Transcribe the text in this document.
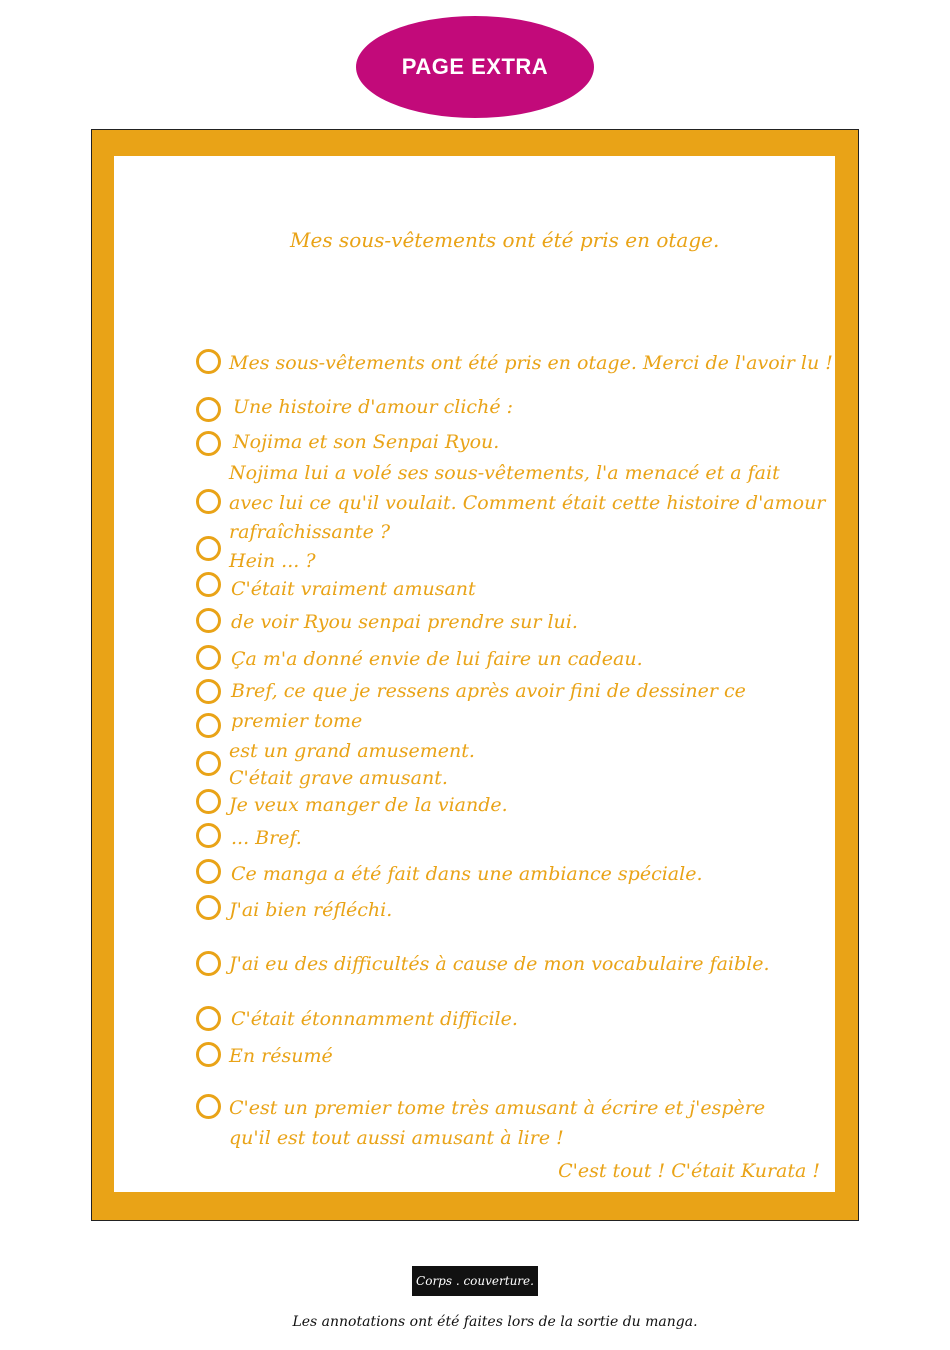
PAGE EXTRA
Mes sous-vêtements ont été pris en otage.
Mes sous-vêtements ont été pris en otage. Merci de l'avoir lu !
Une histoire d'amour cliché :
Nojima et son Senpai Ryou.
Nojima lui a volé ses sous-vêtements, l'a menacé et a fait
avec lui ce qu'il voulait. Comment était cette histoire d'amour
rafraîchissante ?
Hein ... ?
C'était vraiment amusant
de voir Ryou senpai prendre sur lui.
Ça m'a donné envie de lui faire un cadeau.
Bref, ce que je ressens après avoir fini de dessiner ce
premier tome
est un grand amusement.
C'était grave amusant.
Je veux manger de la viande.
... Bref.
Ce manga a été fait dans une ambiance spéciale.
J'ai bien réfléchi.
J'ai eu des difficultés à cause de mon vocabulaire faible.
C'était étonnamment difficile.
En résumé
C'est un premier tome très amusant à écrire et j'espère
qu'il est tout aussi amusant à lire !
C'est tout ! C'était Kurata !
Corps . couverture.
Les annotations ont été faites lors de la sortie du manga.
